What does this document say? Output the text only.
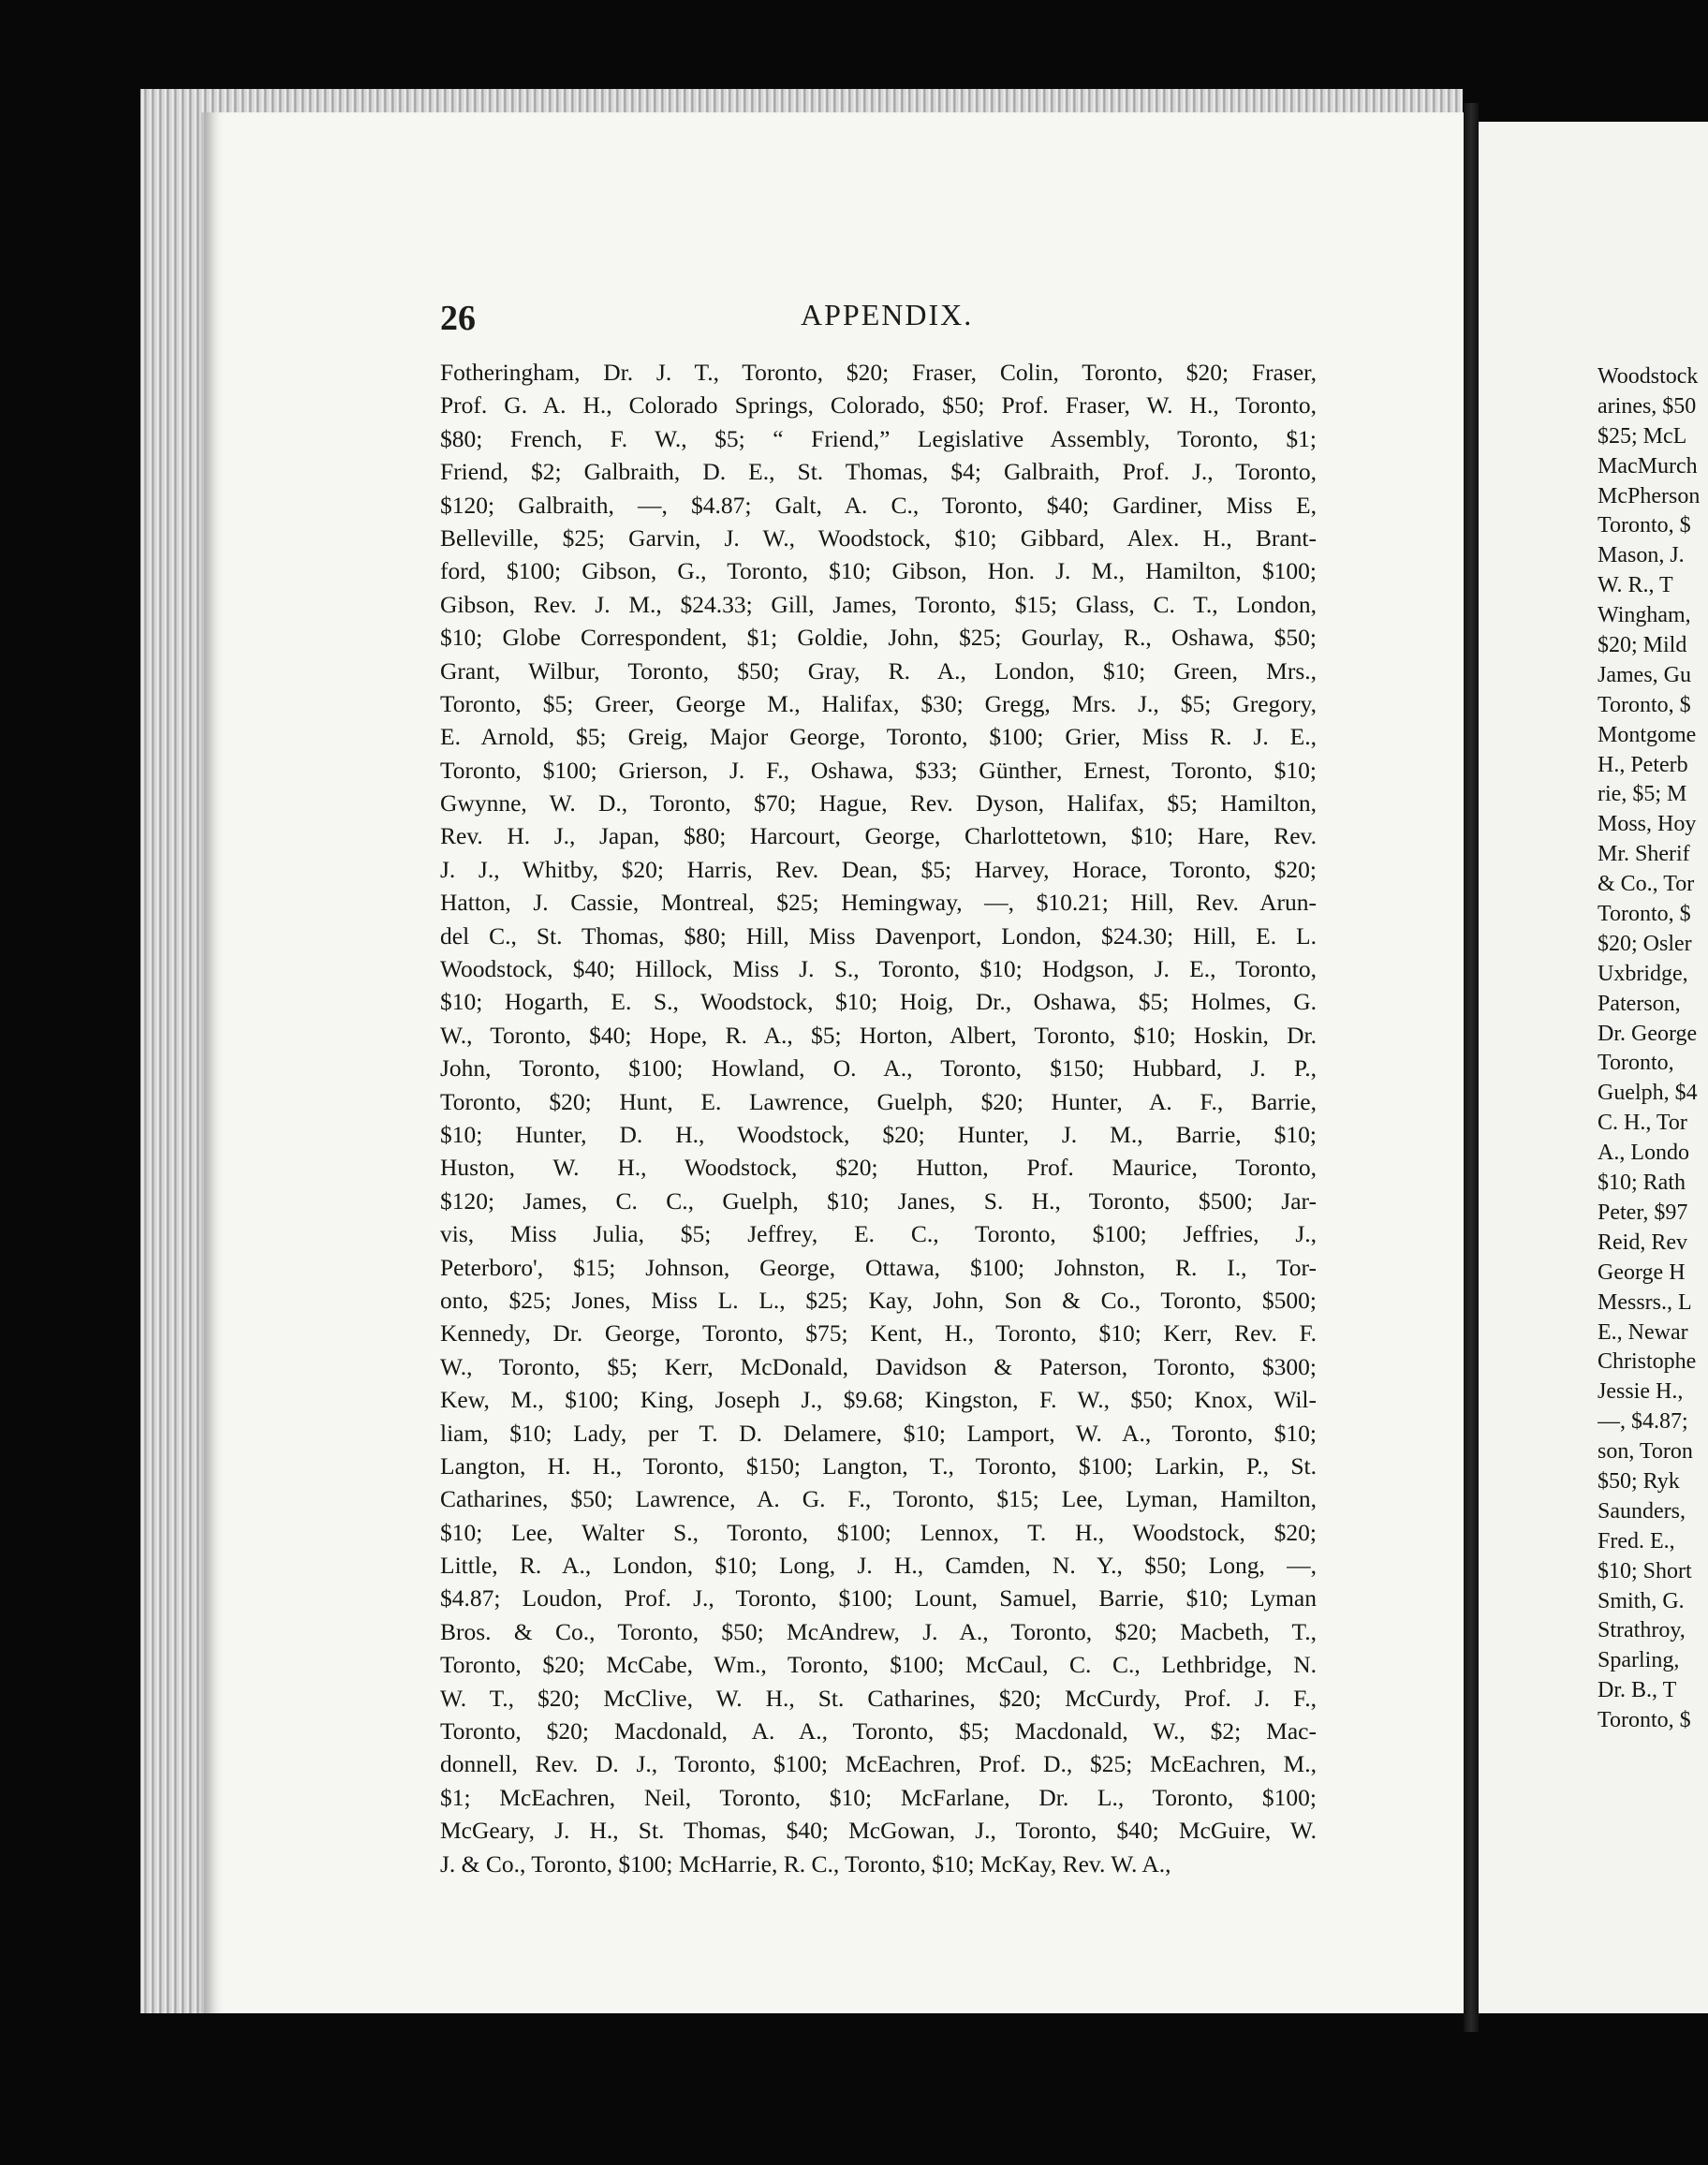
26	APPENDIX.
Fotheringham, Dr. J. T., Toronto, $20; Fraser, Colin, Toronto, $20; Fraser,
Prof. G. A. H., Colorado Springs, Colorado, $50; Prof. Fraser, W. H., Toronto,
$80; French, F. W., $5; “ Friend,” Legislative Assembly, Toronto, $1;
Friend, $2; Galbraith, D. E., St. Thomas, $4; Galbraith, Prof. J., Toronto,
$120; Galbraith, —, $4.87; Galt, A. C., Toronto, $40; Gardiner, Miss E,
Belleville, $25; Garvin, J. W., Woodstock, $10; Gibbard, Alex. H., Brant-
ford, $100; Gibson, G., Toronto, $10; Gibson, Hon. J. M., Hamilton, $100;
Gibson, Rev. J. M., $24.33; Gill, James, Toronto, $15; Glass, C. T., London,
$10; Globe Correspondent, $1; Goldie, John, $25; Gourlay, R., Oshawa, $50;
Grant, Wilbur, Toronto, $50; Gray, R. A., London, $10; Green, Mrs.,
Toronto, $5; Greer, George M., Halifax, $30; Gregg, Mrs. J., $5; Gregory,
E. Arnold, $5; Greig, Major George, Toronto, $100; Grier, Miss R. J. E.,
Toronto, $100; Grierson, J. F., Oshawa, $33; Günther, Ernest, Toronto, $10;
Gwynne, W. D., Toronto, $70; Hague, Rev. Dyson, Halifax, $5; Hamilton,
Rev. H. J., Japan, $80; Harcourt, George, Charlottetown, $10; Hare, Rev.
J. J., Whitby, $20; Harris, Rev. Dean, $5; Harvey, Horace, Toronto, $20;
Hatton, J. Cassie, Montreal, $25; Hemingway, —, $10.21; Hill, Rev. Arun-
del C., St. Thomas, $80; Hill, Miss Davenport, London, $24.30; Hill, E. L.
Woodstock, $40; Hillock, Miss J. S., Toronto, $10; Hodgson, J. E., Toronto,
$10; Hogarth, E. S., Woodstock, $10; Hoig, Dr., Oshawa, $5; Holmes, G.
W., Toronto, $40; Hope, R. A., $5; Horton, Albert, Toronto, $10; Hoskin, Dr.
John, Toronto, $100; Howland, O. A., Toronto, $150; Hubbard, J. P.,
Toronto, $20; Hunt, E. Lawrence, Guelph, $20; Hunter, A. F., Barrie,
$10; Hunter, D. H., Woodstock, $20; Hunter, J. M., Barrie, $10;
Huston, W. H., Woodstock, $20; Hutton, Prof. Maurice, Toronto,
$120; James, C. C., Guelph, $10; Janes, S. H., Toronto, $500; Jar-
vis, Miss Julia, $5; Jeffrey, E. C., Toronto, $100; Jeffries, J.,
Peterboro', $15; Johnson, George, Ottawa, $100; Johnston, R. I., Tor-
onto, $25; Jones, Miss L. L., $25; Kay, John, Son & Co., Toronto, $500;
Kennedy, Dr. George, Toronto, $75; Kent, H., Toronto, $10; Kerr, Rev. F.
W., Toronto, $5; Kerr, McDonald, Davidson & Paterson, Toronto, $300;
Kew, M., $100; King, Joseph J., $9.68; Kingston, F. W., $50; Knox, Wil-
liam, $10; Lady, per T. D. Delamere, $10; Lamport, W. A., Toronto, $10;
Langton, H. H., Toronto, $150; Langton, T., Toronto, $100; Larkin, P., St.
Catharines, $50; Lawrence, A. G. F., Toronto, $15; Lee, Lyman, Hamilton,
$10; Lee, Walter S., Toronto, $100; Lennox, T. H., Woodstock, $20;
Little, R. A., London, $10; Long, J. H., Camden, N. Y., $50; Long, —,
$4.87; Loudon, Prof. J., Toronto, $100; Lount, Samuel, Barrie, $10; Lyman
Bros. & Co., Toronto, $50; McAndrew, J. A., Toronto, $20; Macbeth, T.,
Toronto, $20; McCabe, Wm., Toronto, $100; McCaul, C. C., Lethbridge, N.
W. T., $20; McClive, W. H., St. Catharines, $20; McCurdy, Prof. J. F.,
Toronto, $20; Macdonald, A. A., Toronto, $5; Macdonald, W., $2; Mac-
donnell, Rev. D. J., Toronto, $100; McEachren, Prof. D., $25; McEachren, M.,
$1; McEachren, Neil, Toronto, $10; McFarlane, Dr. L., Toronto, $100;
McGeary, J. H., St. Thomas, $40; McGowan, J., Toronto, $40; McGuire, W.
J. & Co., Toronto, $100; McHarrie, R. C., Toronto, $10; McKay, Rev. W. A.,
Woodstock
arines, $50
$25; McL
MacMurch
McPherson
Toronto, $
Mason, J.
W. R., T
Wingham,
$20; Mild
James, Gu
Toronto, $
Montgome
H., Peterb
rie, $5; M
Moss, Hoy
Mr. Sherif
& Co., Tor
Toronto, $
$20; Osler
Uxbridge,
Paterson,
Dr. George
Toronto,
Guelph, $4
C. H., Tor
A., Londo
$10; Rath
Peter, $97
Reid, Rev
George H
Messrs., L
E., Newar
Christophe
Jessie H.,
—, $4.87;
son, Toron
$50; Ryk
Saunders,
Fred. E.,
$10; Short
Smith, G.
Strathroy,
Sparling,
Dr. B., T
Toronto, $
